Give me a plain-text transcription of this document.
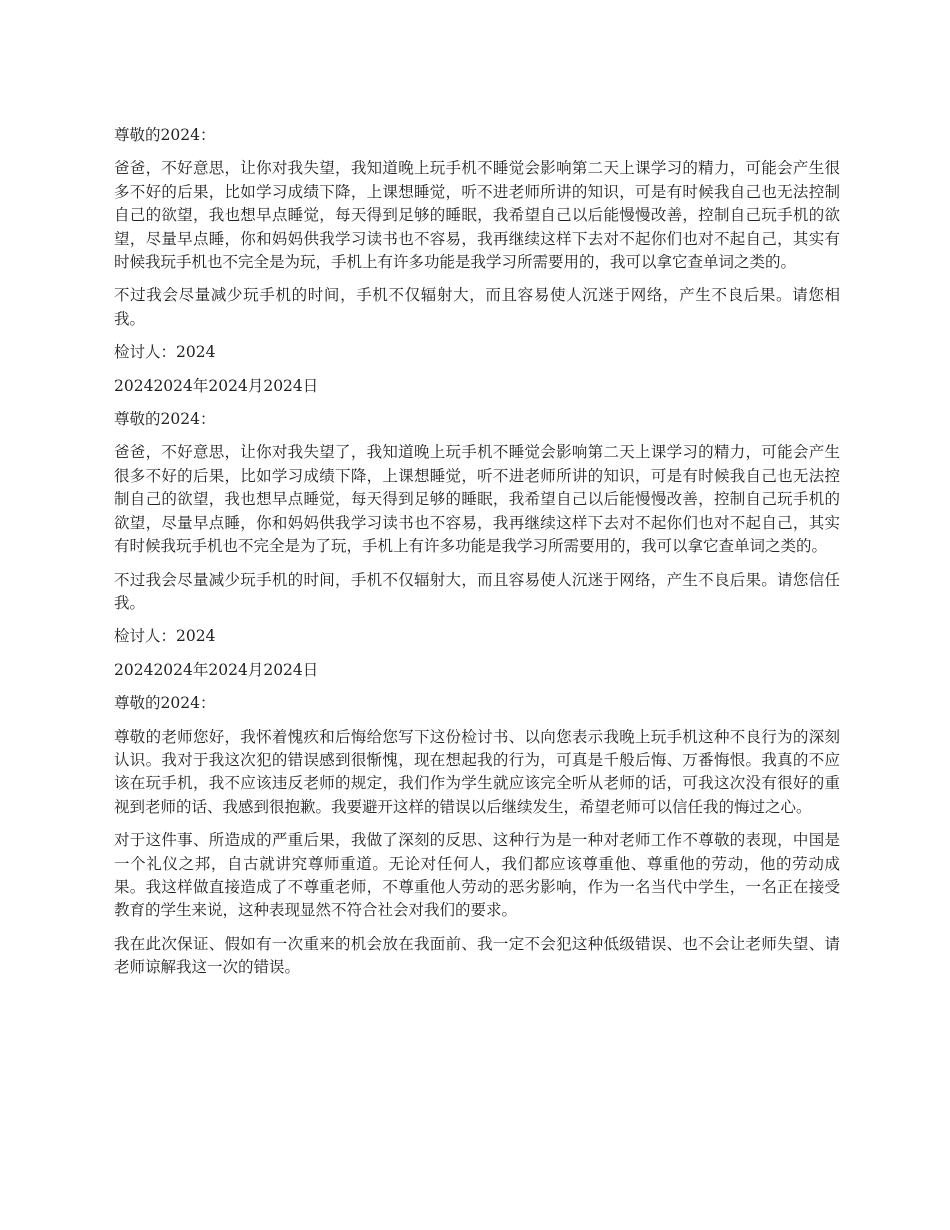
尊敬的2024：

爸爸，不好意思，让你对我失望，我知道晚上玩手机不睡觉会影响第二天上课学习的精力，可能会产生很多不好的后果，比如学习成绩下降，上课想睡觉，听不进老师所讲的知识，可是有时候我自己也无法控制自己的欲望，我也想早点睡觉，每天得到足够的睡眠，我希望自己以后能慢慢改善，控制自己玩手机的欲望，尽量早点睡，你和妈妈供我学习读书也不容易，我再继续这样下去对不起你们也对不起自己，其实有时候我玩手机也不完全是为玩，手机上有许多功能是我学习所需要用的，我可以拿它查单词之类的。

不过我会尽量减少玩手机的时间，手机不仅辐射大，而且容易使人沉迷于网络，产生不良后果。请您相我。

检讨人：2024

20242024年2024月2024日

尊敬的2024：

爸爸，不好意思，让你对我失望了，我知道晚上玩手机不睡觉会影响第二天上课学习的精力，可能会产生很多不好的后果，比如学习成绩下降，上课想睡觉，听不进老师所讲的知识，可是有时候我自己也无法控制自己的欲望，我也想早点睡觉，每天得到足够的睡眠，我希望自己以后能慢慢改善，控制自己玩手机的欲望，尽量早点睡，你和妈妈供我学习读书也不容易，我再继续这样下去对不起你们也对不起自己，其实有时候我玩手机也不完全是为了玩，手机上有许多功能是我学习所需要用的，我可以拿它查单词之类的。

不过我会尽量减少玩手机的时间，手机不仅辐射大，而且容易使人沉迷于网络，产生不良后果。请您信任我。

检讨人：2024

20242024年2024月2024日

尊敬的2024：

尊敬的老师您好，我怀着愧疚和后悔给您写下这份检讨书、以向您表示我晚上玩手机这种不良行为的深刻认识。我对于我这次犯的错误感到很惭愧，现在想起我的行为，可真是千般后悔、万番悔恨。我真的不应该在玩手机，我不应该违反老师的规定，我们作为学生就应该完全听从老师的话，可我这次没有很好的重视到老师的话、我感到很抱歉。我要避开这样的错误以后继续发生，希望老师可以信任我的悔过之心。

对于这件事、所造成的严重后果，我做了深刻的反思、这种行为是一种对老师工作不尊敬的表现，中国是一个礼仪之邦，自古就讲究尊师重道。无论对任何人，我们都应该尊重他、尊重他的劳动，他的劳动成果。我这样做直接造成了不尊重老师，不尊重他人劳动的恶劣影响，作为一名当代中学生，一名正在接受教育的学生来说，这种表现显然不符合社会对我们的要求。

我在此次保证、假如有一次重来的机会放在我面前、我一定不会犯这种低级错误、也不会让老师失望、请老师谅解我这一次的错误。
